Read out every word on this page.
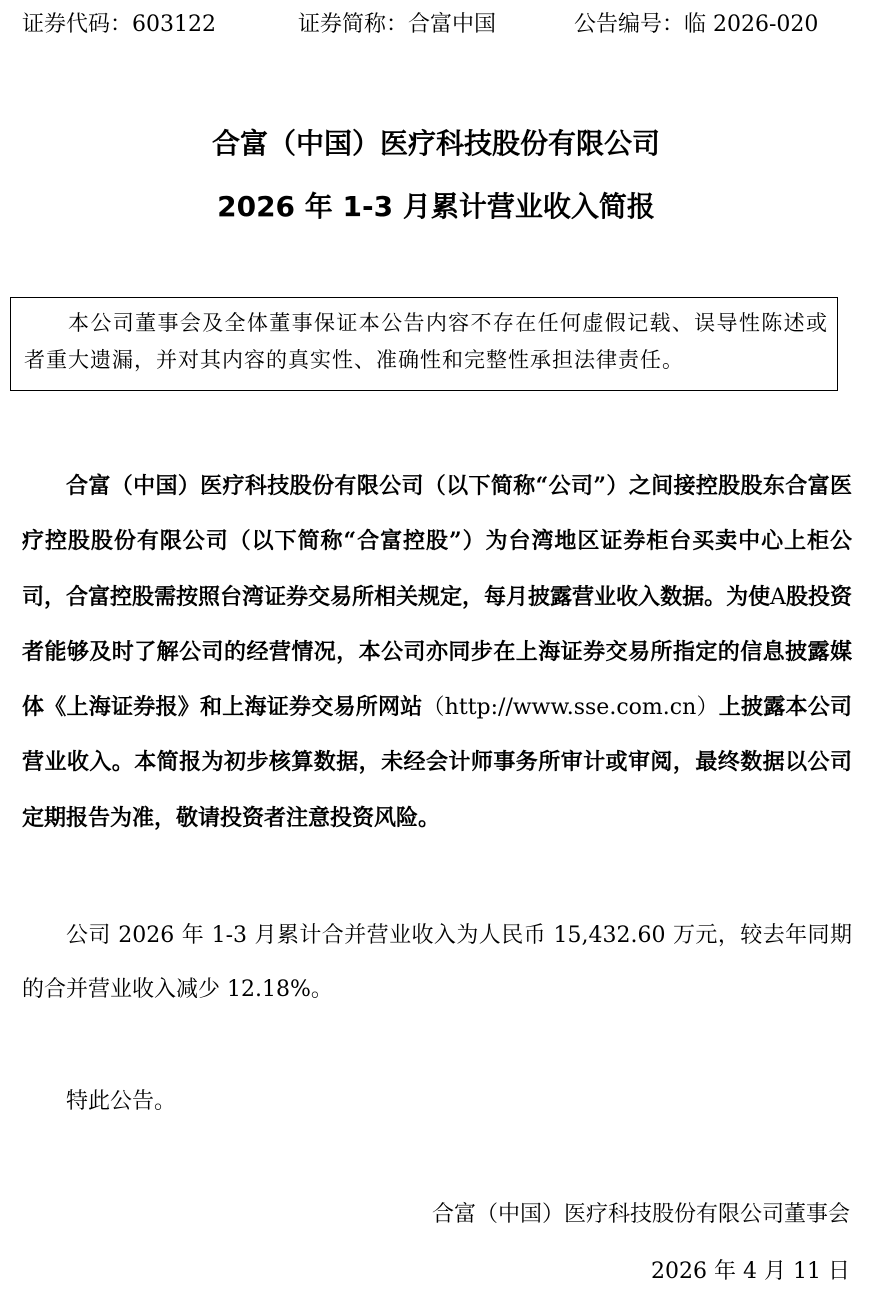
证券代码：603122	证券简称：合富中国	公告编号：临 2026-020
合富（中国）医疗科技股份有限公司
2026 年 1-3 月累计营业收入简报

本公司董事会及全体董事保证本公告内容不存在任何虚假记载、误导性陈述或者重大遗漏，并对其内容的真实性、准确性和完整性承担法律责任。

合富（中国）医疗科技股份有限公司（以下简称“公司”）之间接控股股东合富医疗控股股份有限公司（以下简称“合富控股”）为台湾地区证券柜台买卖中心上柜公司，合富控股需按照台湾证券交易所相关规定，每月披露营业收入数据。为使A股投资者能够及时了解公司的经营情况，本公司亦同步在上海证券交易所指定的信息披露媒体《上海证券报》和上海证券交易所网站（http://www.sse.com.cn）上披露本公司营业收入。本简报为初步核算数据，未经会计师事务所审计或审阅，最终数据以公司定期报告为准，敬请投资者注意投资风险。

公司 2026 年 1-3 月累计合并营业收入为人民币 15,432.60 万元，较去年同期的合并营业收入减少 12.18%。

特此公告。

合富（中国）医疗科技股份有限公司董事会
2026 年 4 月 11 日
